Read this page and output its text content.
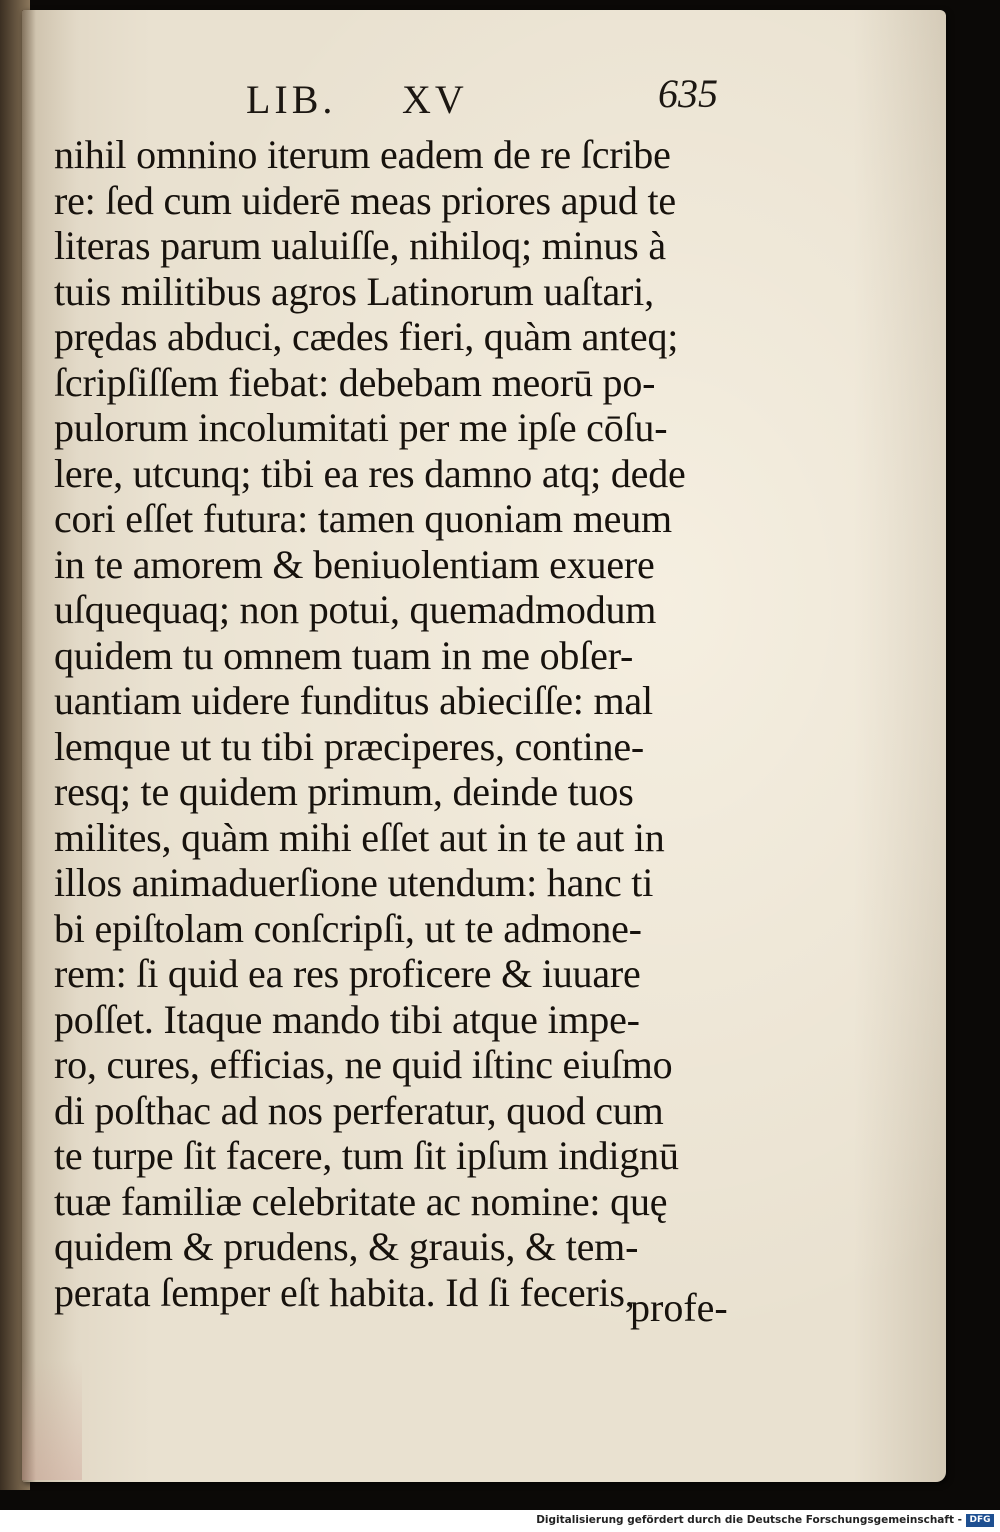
LIB. XV	635
nihil omnino iterum eadem de re ſcribe
re: ſed cum uiderē meas priores apud te
literas parum ualuiſſe, nihiloq; minus à
tuis militibus agros Latinorum uaſtari,
prędas abduci, cædes fieri, quàm anteq;
ſcripſiſſem fiebat: debebam meorū po-
pulorum incolumitati per me ipſe cōſu-
lere, utcunq; tibi ea res damno atq; dede
cori eſſet futura: tamen quoniam meum
in te amorem & beniuolentiam exuere
uſquequaq; non potui, quemadmodum
quidem tu omnem tuam in me obſer-
uantiam uidere funditus abieciſſe: mal
lemque ut tu tibi præciperes, contine-
resq; te quidem primum, deinde tuos
milites, quàm mihi eſſet aut in te aut in
illos animaduerſione utendum: hanc ti
bi epiſtolam conſcripſi, ut te admone-
rem: ſi quid ea res proficere & iuuare
poſſet. Itaque mando tibi atque impe-
ro, cures, efficias, ne quid iſtinc eiuſmo
di poſthac ad nos perferatur, quod cum
te turpe ſit facere, tum ſit ipſum indignū
tuæ familiæ celebritate ac nomine: quę
quidem & prudens, & grauis, & tem-
perata ſemper eſt habita. Id ſi feceris,
profe-
Digitalisierung gefördert durch die Deutsche Forschungsgemeinschaft - DFG
